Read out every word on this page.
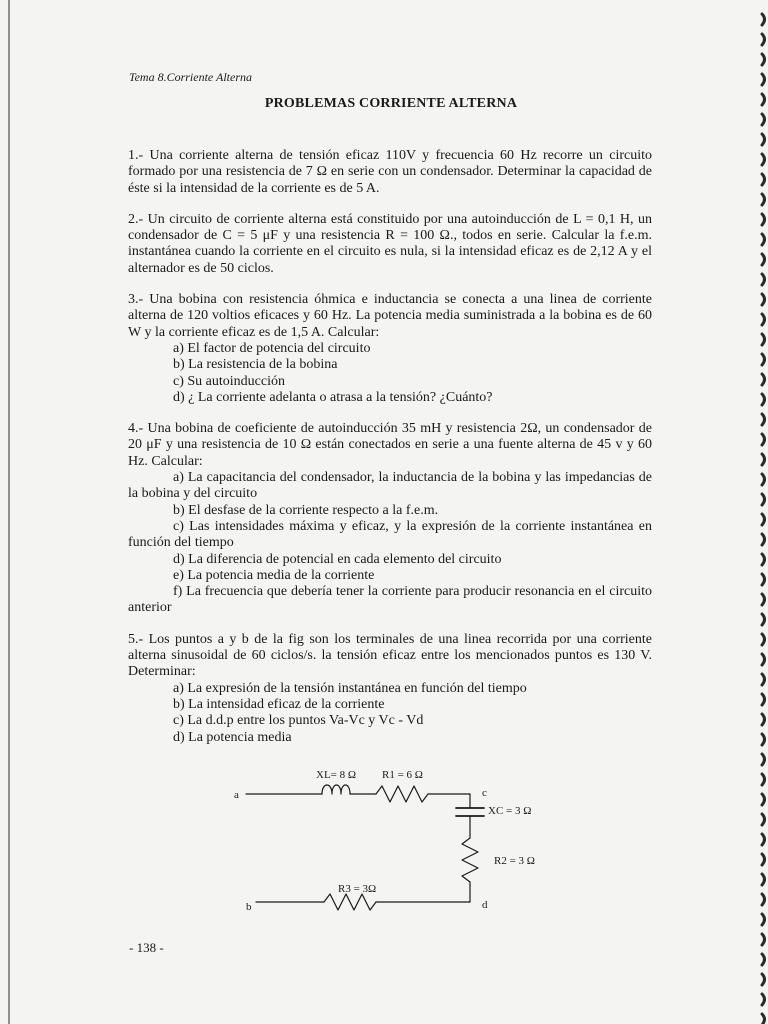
Tema 8.Corriente Alterna
PROBLEMAS CORRIENTE ALTERNA

1.- Una corriente alterna de tensión eficaz 110V y frecuencia 60 Hz recorre un circuito formado por una resistencia de 7 Ω en serie con un condensador. Determinar la capacidad de éste si la intensidad de la corriente es de 5 A.

2.- Un circuito de corriente alterna está constituido por una autoinducción de L = 0,1 H, un condensador de C = 5 μF y una resistencia R = 100 Ω., todos en serie. Calcular la f.e.m. instantánea cuando la corriente en el circuito es nula, si la intensidad eficaz es de 2,12 A y el alternador es de 50 ciclos.

3.- Una bobina con resistencia óhmica e inductancia se conecta a una linea de corriente alterna de 120 voltios eficaces y 60 Hz. La potencia media suministrada a la bobina es de 60 W y la corriente eficaz es de 1,5 A. Calcular:

a) El factor de potencia del circuito

b) La resistencia de la bobina

c) Su autoinducción

d) ¿ La corriente adelanta o atrasa a la tensión? ¿Cuánto?

4.- Una bobina de coeficiente de autoinducción 35 mH y resistencia 2Ω, un condensador de 20 μF y una resistencia de 10 Ω están conectados en serie a una fuente alterna de 45 v y 60 Hz. Calcular:

a) La capacitancia del condensador, la inductancia de la bobina y las impedancias de la bobina y del circuito

b) El desfase de la corriente respecto a la f.e.m.

c) Las intensidades máxima y eficaz, y la expresión de la corriente instantánea en función del tiempo

d) La diferencia de potencial en cada elemento del circuito

e) La potencia media de la corriente

f) La frecuencia que debería tener la corriente para producir resonancia en el circuito anterior

5.- Los puntos a y b de la fig son los terminales de una linea recorrida por una corriente alterna sinusoidal de 60 ciclos/s. la tensión eficaz entre los mencionados puntos es 130 V. Determinar:

a) La expresión de la tensión instantánea en función del tiempo

b) La intensidad eficaz de la corriente

c) La d.d.p entre los puntos Va-Vc y Vc - Vd

d) La potencia media

a
b
c
d
XL= 8 Ω R1 = 6 Ω
XC = 3 Ω
R2 = 3 Ω
R3 = 3Ω
- 138 -
